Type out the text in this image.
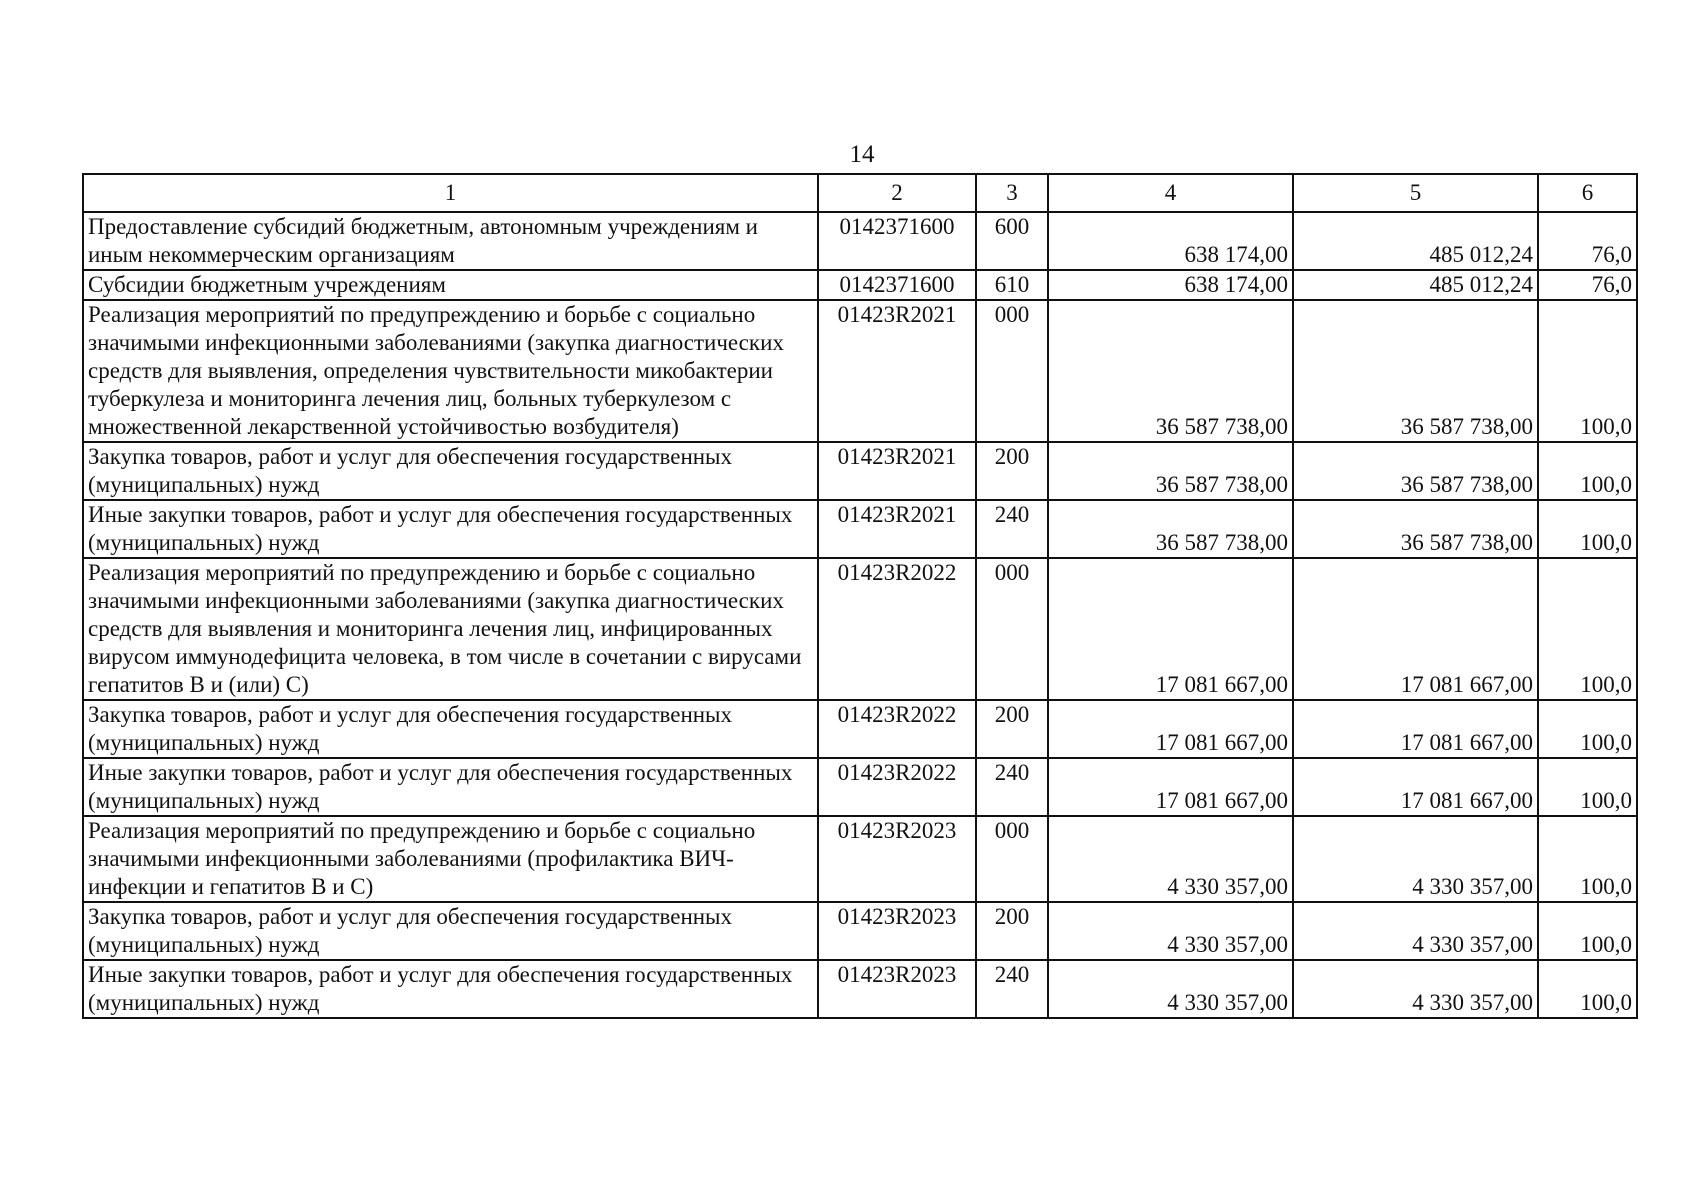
14
1	2	3	4	5	6
Предоставление субсидий бюджетным, автономным учреждениям и иным некоммерческим организациям	0142371600	600	638 174,00	485 012,24	76,0
Субсидии бюджетным учреждениям	0142371600	610	638 174,00	485 012,24	76,0
Реализация мероприятий по предупреждению и борьбе с социально значимыми инфекционными заболеваниями (закупка диагностических средств для выявления, определения чувствительности микобактерии туберкулеза и мониторинга лечения лиц, больных туберкулезом с множественной лекарственной устойчивостью возбудителя)	01423R2021	000	36 587 738,00	36 587 738,00	100,0
Закупка товаров, работ и услуг для обеспечения государственных (муниципальных) нужд	01423R2021	200	36 587 738,00	36 587 738,00	100,0
Иные закупки товаров, работ и услуг для обеспечения государственных (муниципальных) нужд	01423R2021	240	36 587 738,00	36 587 738,00	100,0
Реализация мероприятий по предупреждению и борьбе с социально значимыми инфекционными заболеваниями (закупка диагностических средств для выявления и мониторинга лечения лиц, инфицированных вирусом иммунодефицита человека, в том числе в сочетании с вирусами гепатитов B и (или) C)	01423R2022	000	17 081 667,00	17 081 667,00	100,0
Закупка товаров, работ и услуг для обеспечения государственных (муниципальных) нужд	01423R2022	200	17 081 667,00	17 081 667,00	100,0
Иные закупки товаров, работ и услуг для обеспечения государственных (муниципальных) нужд	01423R2022	240	17 081 667,00	17 081 667,00	100,0
Реализация мероприятий по предупреждению и борьбе с социально значимыми инфекционными заболеваниями (профилактика ВИЧ-инфекции и гепатитов B и C)	01423R2023	000	4 330 357,00	4 330 357,00	100,0
Закупка товаров, работ и услуг для обеспечения государственных (муниципальных) нужд	01423R2023	200	4 330 357,00	4 330 357,00	100,0
Иные закупки товаров, работ и услуг для обеспечения государственных (муниципальных) нужд	01423R2023	240	4 330 357,00	4 330 357,00	100,0
